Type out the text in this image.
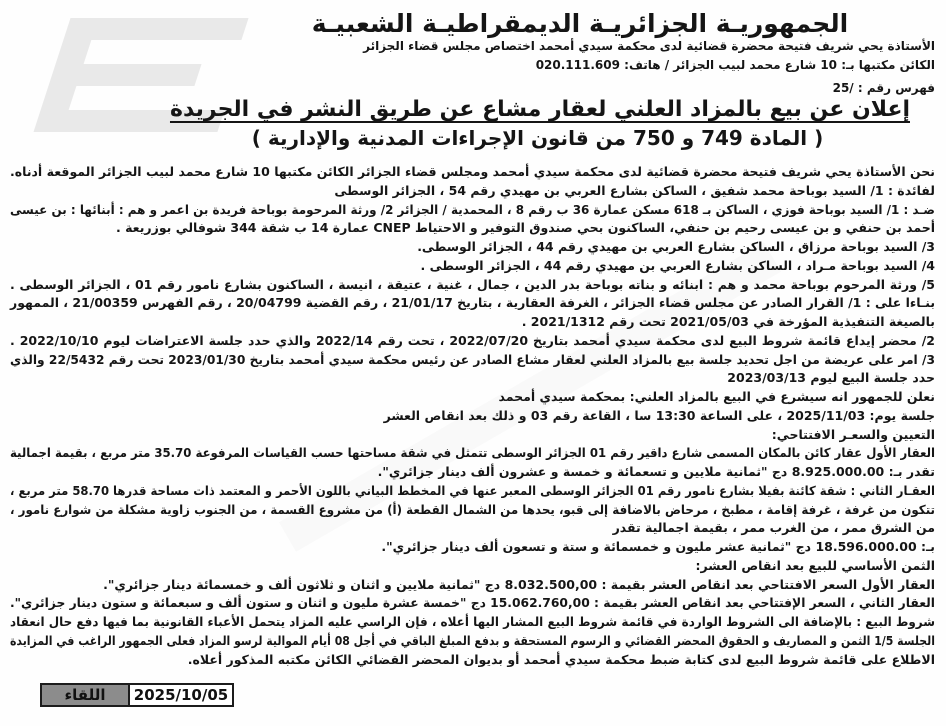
الجمهوريـة الجزائريـة الديمقراطيـة الشعبيـة
الأستاذة يحي شريف فتيحة محضرة قضائية لدى محكمة سيدي أمحمد اختصاص مجلس قضاء الجزائر
الكائن مكتبها بـ: 10 شارع محمد لبيب الجزائر / هاتف: 020.111.609
فهرس رقم : /25
إعلان عن بيع بالمزاد العلني لعقار مشاع عن طريق النشر في الجريدة
( المادة 749 و 750 من قانون الإجراءات المدنية والإدارية )
نحن الأستاذة يحي شريف فتيحة محضرة قضائية لدى محكمة سيدي أمحمد ومجلس قضاء الجزائر الكائن مكتبها 10 شارع محمد لبيب الجزائر الموقعة أدناه.
لفائدة : 1/ السيد بوباحة محمد شفيق ، الساكن بشارع العربي بن مهيدي رقم 54 ، الجزائر الوسطى
ضـد : 1/ السيد بوباحة فوزي ، الساكن بـ 618 مسكن عمارة 36 ب رقم 8 ، المحمدية / الجزائر 2/ ورثة المرحومة بوباحة فريدة بن اعمر و هم : أبنائها : بن عيسى
أحمد بن حنفي و بن عيسى رحيم بن حنفي، الساكنون بحي صندوق التوفير و الاحتياط CNEP عمارة 14 ب شقة 344 شوفالي بوزريعة .
3/ السيد بوباحة مرزاق ، الساكن بشارع العربي بن مهيدي رقم 44 ، الجزائر الوسطى.
4/ السيد بوباحة مـراد ، الساكن بشارع العربي بن مهيدي رقم 44 ، الجزائر الوسطى .
5/ ورثة المرحوم بوباحة محمد و هم : ابنائه و بناته بوباحة بدر الدين ، جمال ، غنية ، عتيقة ، انيسة ، الساكنون بشارع نامور رقم 01 ، الجزائر الوسطى .
بنـاءا على : 1/ القرار الصادر عن مجلس قضاء الجزائر ، الغرفة العقارية ، بتاريخ 21/01/17 ، رقم القضية 20/04799 ، رقم الفهرس 21/00359 ، الممهور
بالصيغة التنفيذية المؤرخة في 2021/05/03 تحت رقم 2021/1312 .
2/ محضر إيداع قائمة شروط البيع لدى محكمة سيدي أمحمد بتاريخ 2022/07/20 ، تحت رقم 2022/14 والذي حدد جلسة الاعتراضات ليوم 2022/10/10 .
3/ امر على عريضة من اجل تحديد جلسة بيع بالمزاد العلني لعقار مشاع الصادر عن رئيس محكمة سيدي أمحمد بتاريخ 2023/01/30 تحت رقم 22/5432 والذي
حدد جلسة البيع ليوم 2023/03/13
نعلن للجمهور انه سيشرع في البيع بالمزاد العلني: بمحكمة سيدي أمحمد
جلسة يوم: 2025/11/03 ، على الساعة 13:30 سا ، القاعة رقم 03 و ذلك بعد انقاص العشر
التعيين والسعـر الافتتاحي:
العقار الأول عقار كائن بالمكان المسمى شارع داقير رقم 01 الجزائر الوسطى تتمثل في شقة مساحتها حسب القياسات المرفوعة 35.70 متر مربع ، بقيمة اجمالية
تقدر بـ: 8.925.000.00 دج "ثمانية ملايين و تسعمائة و خمسة و عشرون ألف دينار جزائري".
العقـار الثاني : شقة كائنة بفيلا بشارع نامور رقم 01 الجزائر الوسطى المعبر عنها في المخطط البياني باللون الأحمر و المعتمد ذات مساحة قدرها 58.70 متر مربع ،
تتكون من غرفة ، غرفة إقامة ، مطبخ ، مرحاض بالاضافة إلى قبو، يحدها من الشمال القطعة (أ) من مشروع القسمة ، من الجنوب زاوية مشكلة من شوارع نامور ،
من الشرق ممر ، من الغرب ممر ، بقيمة اجمالية تقدر
بـ: 18.596.000.00 دج "ثمانية عشر مليون و خمسمائة و ستة و تسعون ألف دينار جزائري".
الثمن الأساسي للبيع بعد انقاص العشر:
العقار الأول السعر الافتتاحي بعد انقاص العشر بقيمة : 8.032.500,00 دج "ثمانية ملايين و اثنان و ثلاثون ألف و خمسمائة دينار جزائري".
العقار الثاني ، السعر الإفتتاحي بعد انقاص العشر بقيمة : 15.062.760,00 دج "خمسة عشرة مليون و اثنان و ستون ألف و سبعمائة و ستون دينار جزائري".
شروط البيع : بالإضافة الى الشروط الواردة في قائمة شروط البيع المشار اليها أعلاه ، فإن الراسي عليه المزاد يتحمل الأعباء القانونية بما فيها دفع حال انعقاد
الجلسة 1/5 الثمن و المصاريف و الحقوق المحضر القضائي و الرسوم المستحقة و بدفع المبلغ الباقي في أجل 08 أيام الموالية لرسو المزاد فعلى الجمهور الراغب في المزايدة
الاطلاع على قائمة شروط البيع لدى كتابة ضبط محكمة سيدي أمحمد أو بديوان المحضر القضائي الكائن مكتبه المذكور أعلاه.
اللقاء	2025/10/05
